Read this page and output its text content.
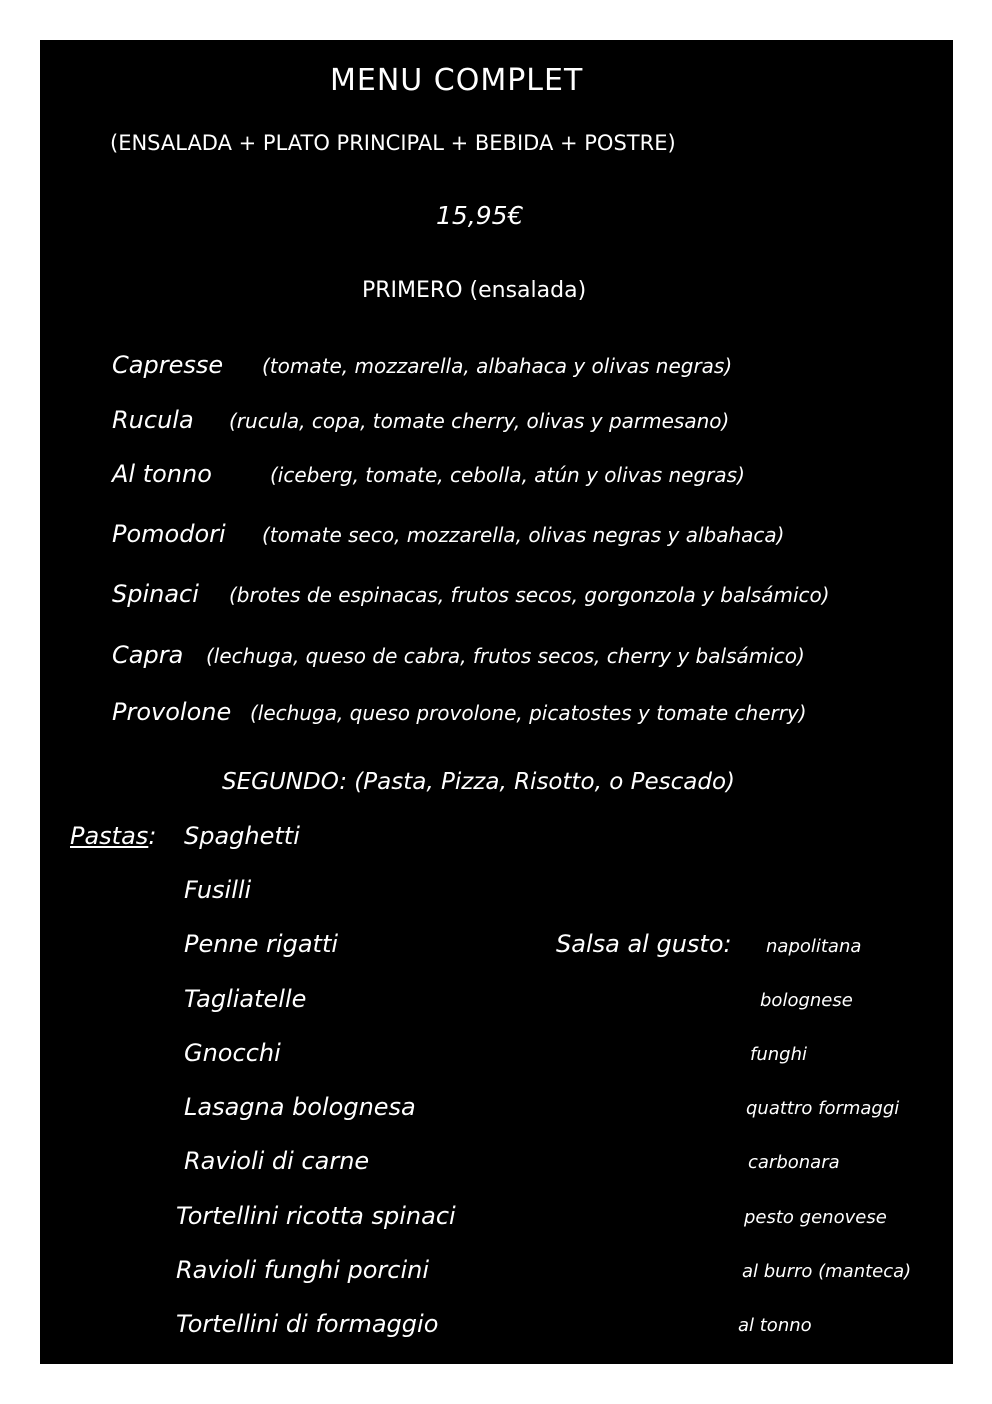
MENU COMPLET
(ENSALADA + PLATO PRINCIPAL + BEBIDA + POSTRE)
15,95€
PRIMERO (ensalada)
Capresse (tomate, mozzarella, albahaca y olivas negras)
Rucula (rucula, copa, tomate cherry, olivas y parmesano)
Al tonno	(iceberg, tomate, cebolla, atún y olivas negras)
Pomodori (tomate seco, mozzarella, olivas negras y albahaca)
Spinaci (brotes de espinacas, frutos secos, gorgonzola y balsámico)
Capra (lechuga, queso de cabra, frutos secos, cherry y balsámico)
Provolone (lechuga, queso provolone, picatostes y tomate cherry)
SEGUNDO: (Pasta, Pizza, Risotto, o Pescado)
Pastas: Spaghetti
Fusilli
Penne rigatti
Tagliatelle
Gnocchi
Lasagna bolognesa
Ravioli di carne
Tortellini ricotta spinaci
Ravioli funghi porcini
Tortellini di formaggio
Salsa al gusto: napolitana
bolognese
funghi
quattro formaggi
carbonara
pesto genovese
al burro (manteca)
al tonno
